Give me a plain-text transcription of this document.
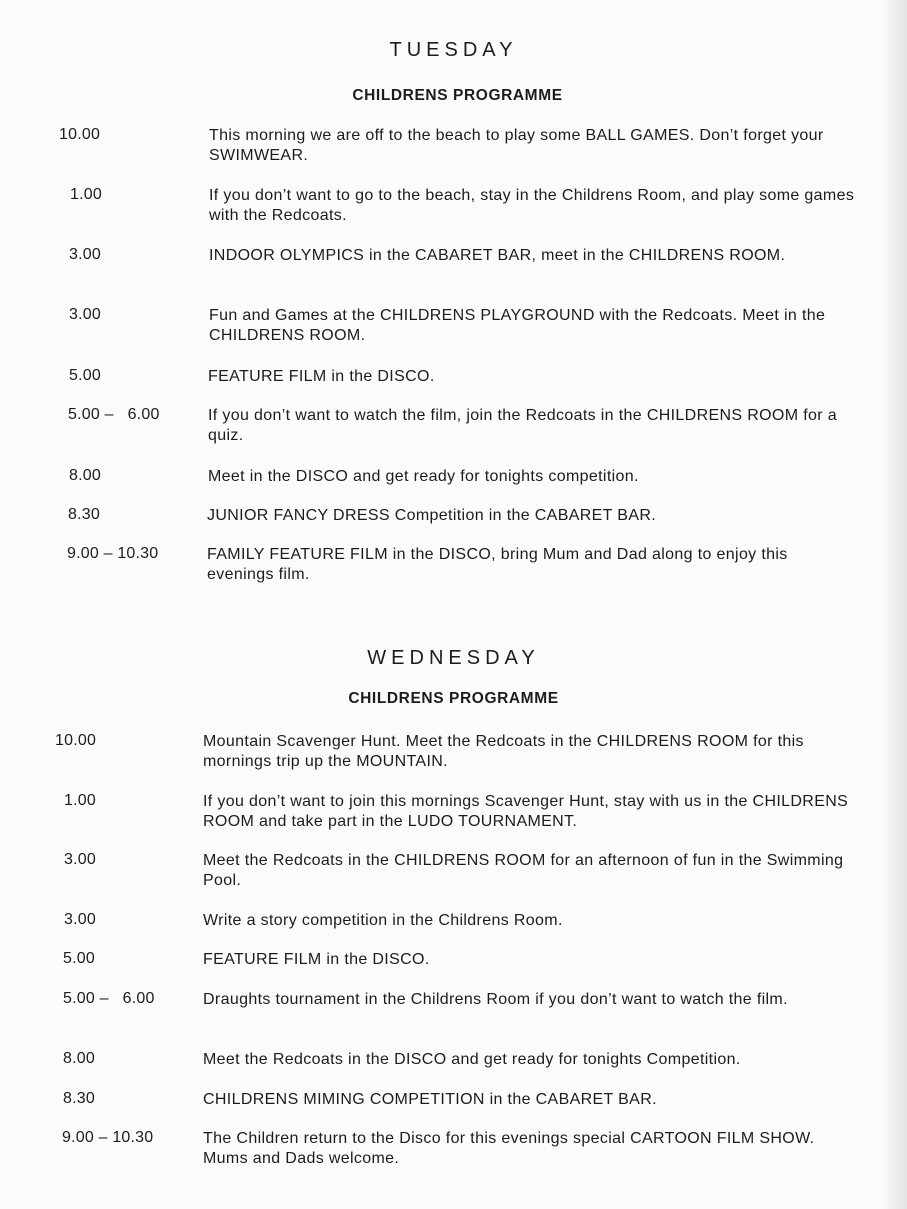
TUESDAY
CHILDRENS PROGRAMME
10.00	This morning we are off to the beach to play some BALL GAMES. Don’t forget your SWIMWEAR.
1.00	If you don’t want to go to the beach, stay in the Childrens Room, and play some games with the Redcoats.
3.00	INDOOR OLYMPICS in the CABARET BAR, meet in the CHILDRENS ROOM.
3.00	Fun and Games at the CHILDRENS PLAYGROUND with the Redcoats. Meet in the CHILDRENS ROOM.
5.00	FEATURE FILM in the DISCO.
5.00 –   6.00	If you don’t want to watch the film, join the Redcoats in the CHILDRENS ROOM for a quiz.
8.00	Meet in the DISCO and get ready for tonights competition.
8.30	JUNIOR FANCY DRESS Competition in the CABARET BAR.
9.00 – 10.30	FAMILY FEATURE FILM in the DISCO, bring Mum and Dad along to enjoy this evenings film.
WEDNESDAY
CHILDRENS PROGRAMME
10.00	Mountain Scavenger Hunt. Meet the Redcoats in the CHILDRENS ROOM for this mornings trip up the MOUNTAIN.
1.00	If you don’t want to join this mornings Scavenger Hunt, stay with us in the CHILDRENS ROOM and take part in the LUDO TOURNAMENT.
3.00	Meet the Redcoats in the CHILDRENS ROOM for an afternoon of fun in the Swimming Pool.
3.00	Write a story competition in the Childrens Room.
5.00	FEATURE FILM in the DISCO.
5.00 –   6.00	Draughts tournament in the Childrens Room if you don’t want to watch the film.
8.00	Meet the Redcoats in the DISCO and get ready for tonights Competition.
8.30	CHILDRENS MIMING COMPETITION in the CABARET BAR.
9.00 – 10.30	The Children return to the Disco for this evenings special CARTOON FILM SHOW. Mums and Dads welcome.
